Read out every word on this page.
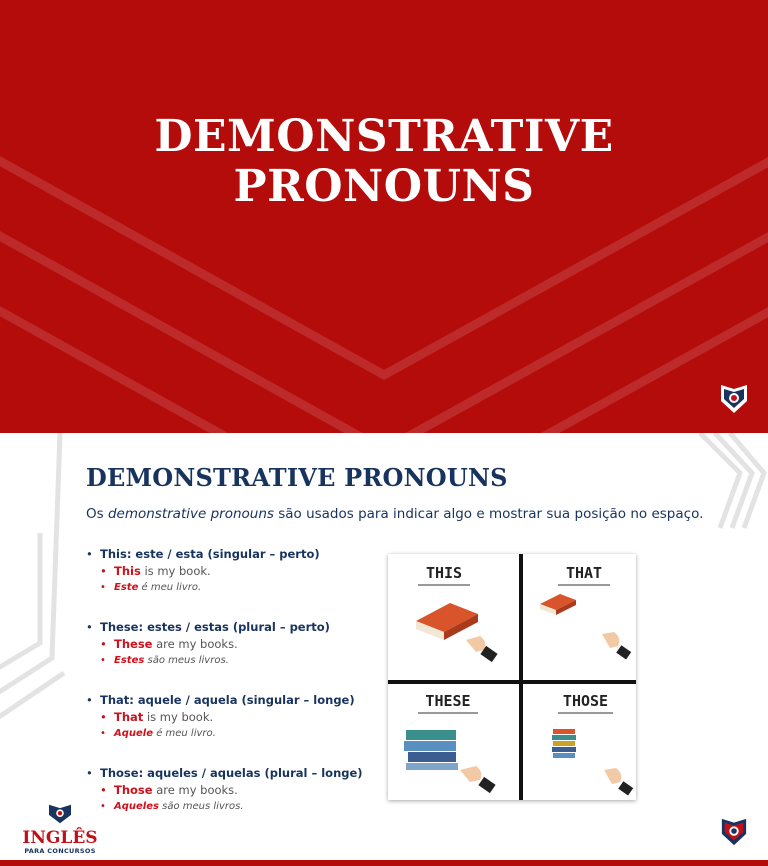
DEMONSTRATIVE
PRONOUNS
DEMONSTRATIVE PRONOUNS
Os demonstrative pronouns são usados para indicar algo e mostrar sua posição no espaço.
• This: este / esta (singular – perto)
• This is my book.
• Este é meu livro.
• These: estes / estas (plural – perto)
• These are my books.
• Estes são meus livros.
• That: aquele / aquela (singular – longe)
• That is my book.
• Aquele é meu livro.
• Those: aqueles / aquelas (plural – longe)
• Those are my books.
• Aqueles são meus livros.
THIS	THAT
THESE	THOSE
INGLÊS
PARA CONCURSOS
